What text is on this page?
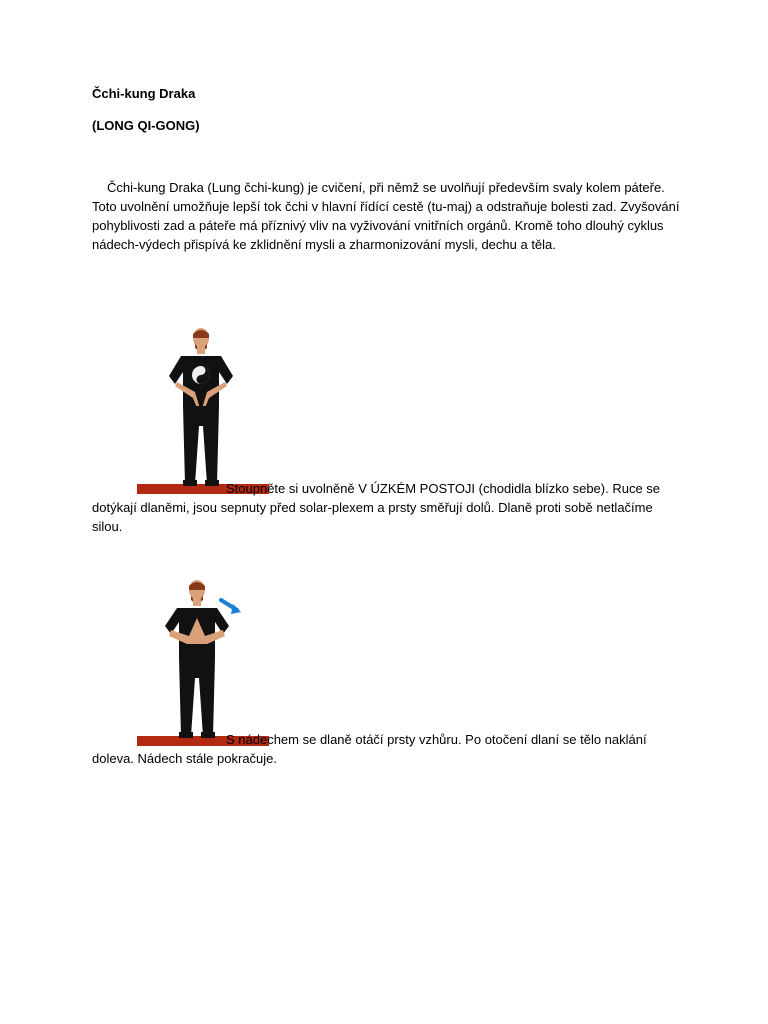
Čchi-kung Draka
(LONG QI-GONG)
Čchi-kung Draka (Lung čchi-kung) je cvičení, při němž se uvolňují především svaly kolem páteře. Toto uvolnění umožňuje lepší tok čchi v hlavní řídící cestě (tu-maj) a odstraňuje bolesti zad. Zvyšování pohyblivosti zad a páteře má příznivý vliv na vyživování vnitřních orgánů. Kromě toho dlouhý cyklus nádech-výdech přispívá ke zklidnění mysli a zharmonizování mysli, dechu a těla.
Stoupněte si uvolněně V ÚZKÉM POSTOJI (chodidla blízko sebe). Ruce se dotýkají dlaněmi, jsou sepnuty před solar-plexem a prsty směřují dolů. Dlaně proti sobě netlačíme silou.
S nádechem se dlaně otáčí prsty vzhůru. Po otočení dlaní se tělo naklání doleva. Nádech stále pokračuje.
